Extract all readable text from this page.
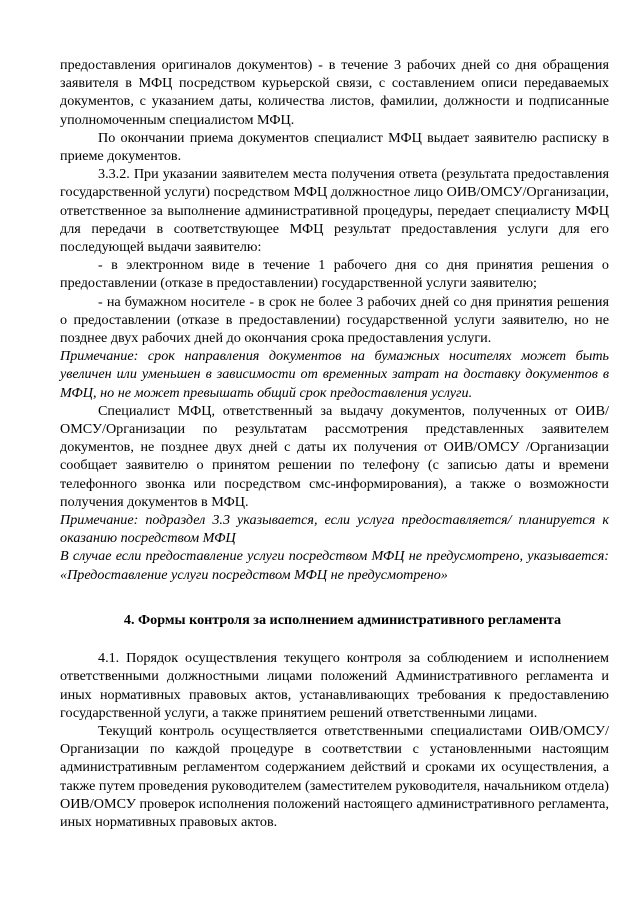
предоставления оригиналов документов) - в течение 3 рабочих дней со дня обращения заявителя в МФЦ посредством курьерской связи, с составлением описи передаваемых документов, с указанием даты, количества листов, фамилии, должности и подписанные уполномоченным специалистом МФЦ.

По окончании приема документов специалист МФЦ выдает заявителю расписку в приеме документов.

3.3.2. При указании заявителем места получения ответа (результата предоставления государственной услуги) посредством МФЦ должностное лицо ОИВ/ОМСУ/Организации, ответственное за выполнение административной процедуры, передает специалисту МФЦ для передачи в соответствующее МФЦ результат предоставления услуги для его последующей выдачи заявителю:

- в электронном виде в течение 1 рабочего дня со дня принятия решения о предоставлении (отказе в предоставлении) государственной услуги заявителю;

- на бумажном носителе - в срок не более 3 рабочих дней со дня принятия решения о предоставлении (отказе в предоставлении) государственной услуги заявителю, но не позднее двух рабочих дней до окончания срока предоставления услуги.

Примечание: срок направления документов на бумажных носителях может быть увеличен или уменьшен в зависимости от временных затрат на доставку документов в МФЦ, но не может превышать общий срок предоставления услуги.

Специалист МФЦ, ответственный за выдачу документов, полученных от ОИВ/ОМСУ/Организации по результатам рассмотрения представленных заявителем документов, не позднее двух дней с даты их получения от ОИВ/ОМСУ /Организации сообщает заявителю о принятом решении по телефону (с записью даты и времени телефонного звонка или посредством смс-информирования), а также о возможности получения документов в МФЦ.

Примечание: подраздел 3.3 указывается, если услуга предоставляется/ планируется к оказанию посредством МФЦ

В случае если предоставление услуги посредством МФЦ не предусмотрено, указывается: «Предоставление услуги посредством МФЦ не предусмотрено»

4. Формы контроля за исполнением административного регламента

4.1. Порядок осуществления текущего контроля за соблюдением и исполнением ответственными должностными лицами положений Административного регламента и иных нормативных правовых актов, устанавливающих требования к предоставлению государственной услуги, а также принятием решений ответственными лицами.

Текущий контроль осуществляется ответственными специалистами ОИВ/ОМСУ/Организации по каждой процедуре в соответствии с установленными настоящим административным регламентом содержанием действий и сроками их осуществления, а также путем проведения руководителем (заместителем руководителя, начальником отдела) ОИВ/ОМСУ проверок исполнения положений настоящего административного регламента, иных нормативных правовых актов.
